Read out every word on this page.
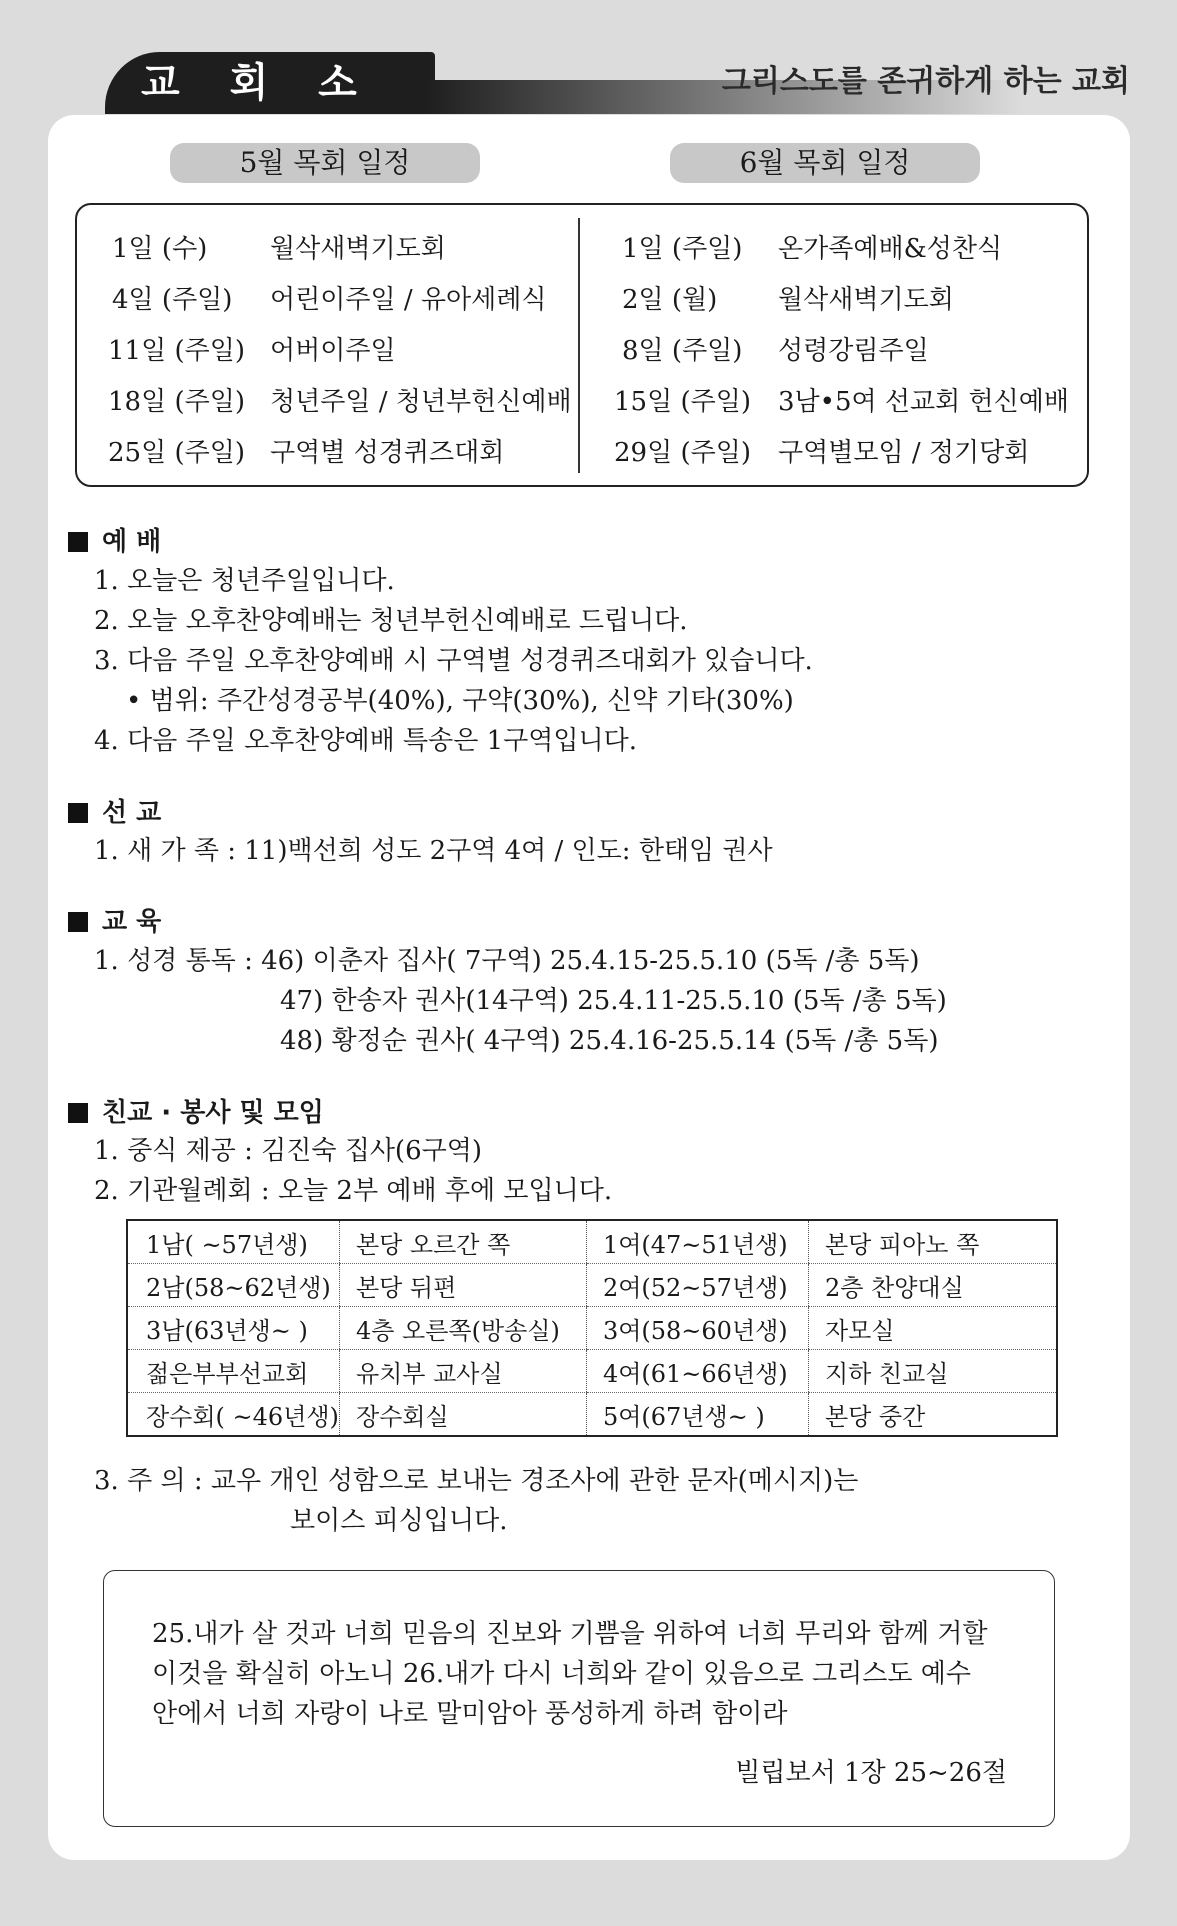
교 회 소	그리스도를 존귀하게 하는 교회
5월 목회 일정	6월 목회 일정
1일 (수) 월삭새벽기도회
4일 (주일) 어린이주일 / 유아세례식
11일 (주일) 어버이주일
18일 (주일) 청년주일 / 청년부헌신예배
25일 (주일) 구역별 성경퀴즈대회
1일 (주일) 온가족예배&성찬식
2일 (월) 월삭새벽기도회
8일 (주일) 성령강림주일
15일 (주일) 3남•5여 선교회 헌신예배
29일 (주일) 구역별모임 / 정기당회
예 배
1. 오늘은 청년주일입니다.
2. 오늘 오후찬양예배는 청년부헌신예배로 드립니다.
3. 다음 주일 오후찬양예배 시 구역별 성경퀴즈대회가 있습니다.
• 범위: 주간성경공부(40%), 구약(30%), 신약 기타(30%)
4. 다음 주일 오후찬양예배 특송은 1구역입니다.
선 교
1. 새 가 족 : 11)백선희 성도 2구역 4여 / 인도: 한태임 권사
교 육
1. 성경 통독 : 46) 이춘자 집사( 7구역) 25.4.15-25.5.10 (5독 /총 5독)
47) 한송자 권사(14구역) 25.4.11-25.5.10 (5독 /총 5독)
48) 황정순 권사( 4구역) 25.4.16-25.5.14 (5독 /총 5독)
친교 · 봉사 및 모임
1. 중식 제공 : 김진숙 집사(6구역)
2. 기관월례회 : 오늘 2부 예배 후에 모입니다.
1남( ~57년생)	본당 오르간 쪽	1여(47~51년생)	본당 피아노 쪽
2남(58~62년생)	본당 뒤편	2여(52~57년생)	2층 찬양대실
3남(63년생~ )	4층 오른쪽(방송실)	3여(58~60년생)	자모실
젊은부부선교회	유치부 교사실	4여(61~66년생)	지하 친교실
장수회( ~46년생)	장수회실	5여(67년생~ )	본당 중간
3. 주 의 : 교우 개인 성함으로 보내는 경조사에 관한 문자(메시지)는
보이스 피싱입니다.
25.내가 살 것과 너희 믿음의 진보와 기쁨을 위하여 너희 무리와 함께 거할
이것을 확실히 아노니 26.내가 다시 너희와 같이 있음으로 그리스도 예수
안에서 너희 자랑이 나로 말미암아 풍성하게 하려 함이라
빌립보서 1장 25~26절
